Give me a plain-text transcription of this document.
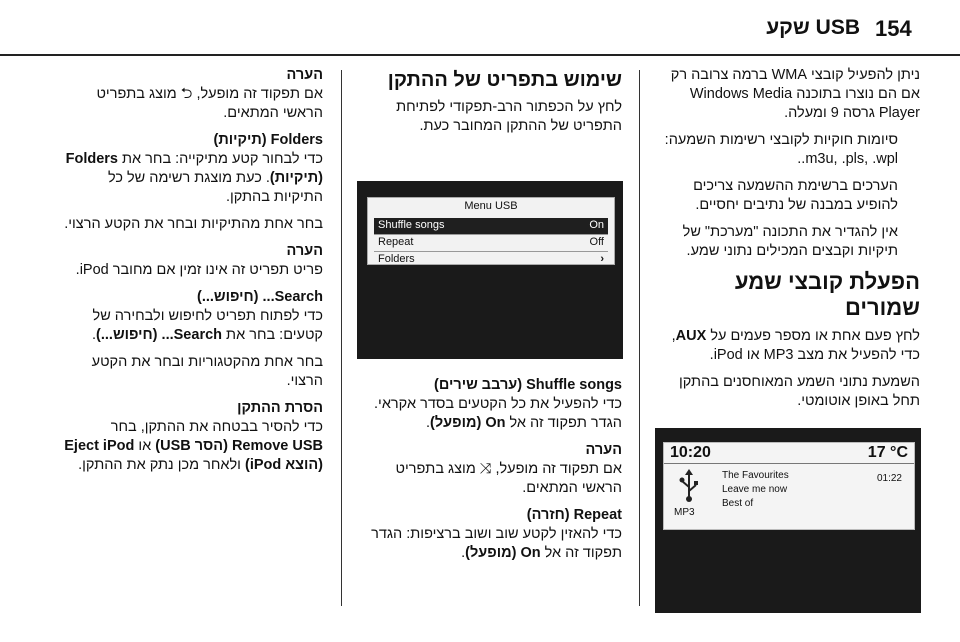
154
USB שקע

ניתן להפעיל קובצי WMA ברמה צרובה רק אם הם נוצרו בתוכנה Windows Media Player גרסה 9 ומעלה.

סיומות חוקיות לקובצי רשימות השמעה: ‎.m3u, .pls, .wpl.

הערכים ברשימת ההשמעה צריכים להופיע במבנה של נתיבים יחסיים.

אין להגדיר את התכונה "מערכת" של תיקיות וקבצים המכילים נתוני שמע.

הפעלת קובצי שמע שמורים

לחץ פעם אחת או מספר פעמים על AUX, כדי להפעיל את מצב MP3 או iPod.

השמעת נתוני השמע המאוחסנים בהתקן תחל באופן אוטומטי.

10:20	17 °C
The Favourites
Leave me now
Best of
01:22
MP3
שימוש בתפריט של ההתקן

לחץ על הכפתור הרב-תפקודי לפתיחת התפריט של ההתקן המחובר כעת.

Menu USB
Shuffle songs	On
Repeat	Off
Folders	›

Shuffle songs (ערבב שירים)

כדי להפעיל את כל הקטעים בסדר אקראי. הגדר תפקוד זה אל On (מופעל).

הערה

אם תפקוד זה מופעל, ⤨ מוצג בתפריט הראשי המתאים.

Repeat (חזרה)

כדי להאזין לקטע שוב ושוב ברציפות: הגדר תפקוד זה אל On (מופעל).

הערה

אם תפקוד זה מופעל, ⮌ מוצג בתפריט הראשי המתאים.

Folders (תיקיות)

כדי לבחור קטע מתיקייה: בחר את Folders (תיקיות). כעת מוצגת רשימה של כל התיקיות בהתקן.

בחר אחת מהתיקיות ובחר את הקטע הרצוי.

הערה

פריט תפריט זה אינו זמין אם מחובר iPod.

Search... (חיפוש...)

כדי לפתוח תפריט לחיפוש ולבחירה של קטעים: בחר את Search... (חיפוש...).

בחר אחת מהקטגוריות ובחר את הקטע הרצוי.

הסרת ההתקן

כדי להסיר בבטחה את ההתקן, בחר Remove USB (הסר USB) או Eject iPod (הוצא iPod) ולאחר מכן נתק את ההתקן.
